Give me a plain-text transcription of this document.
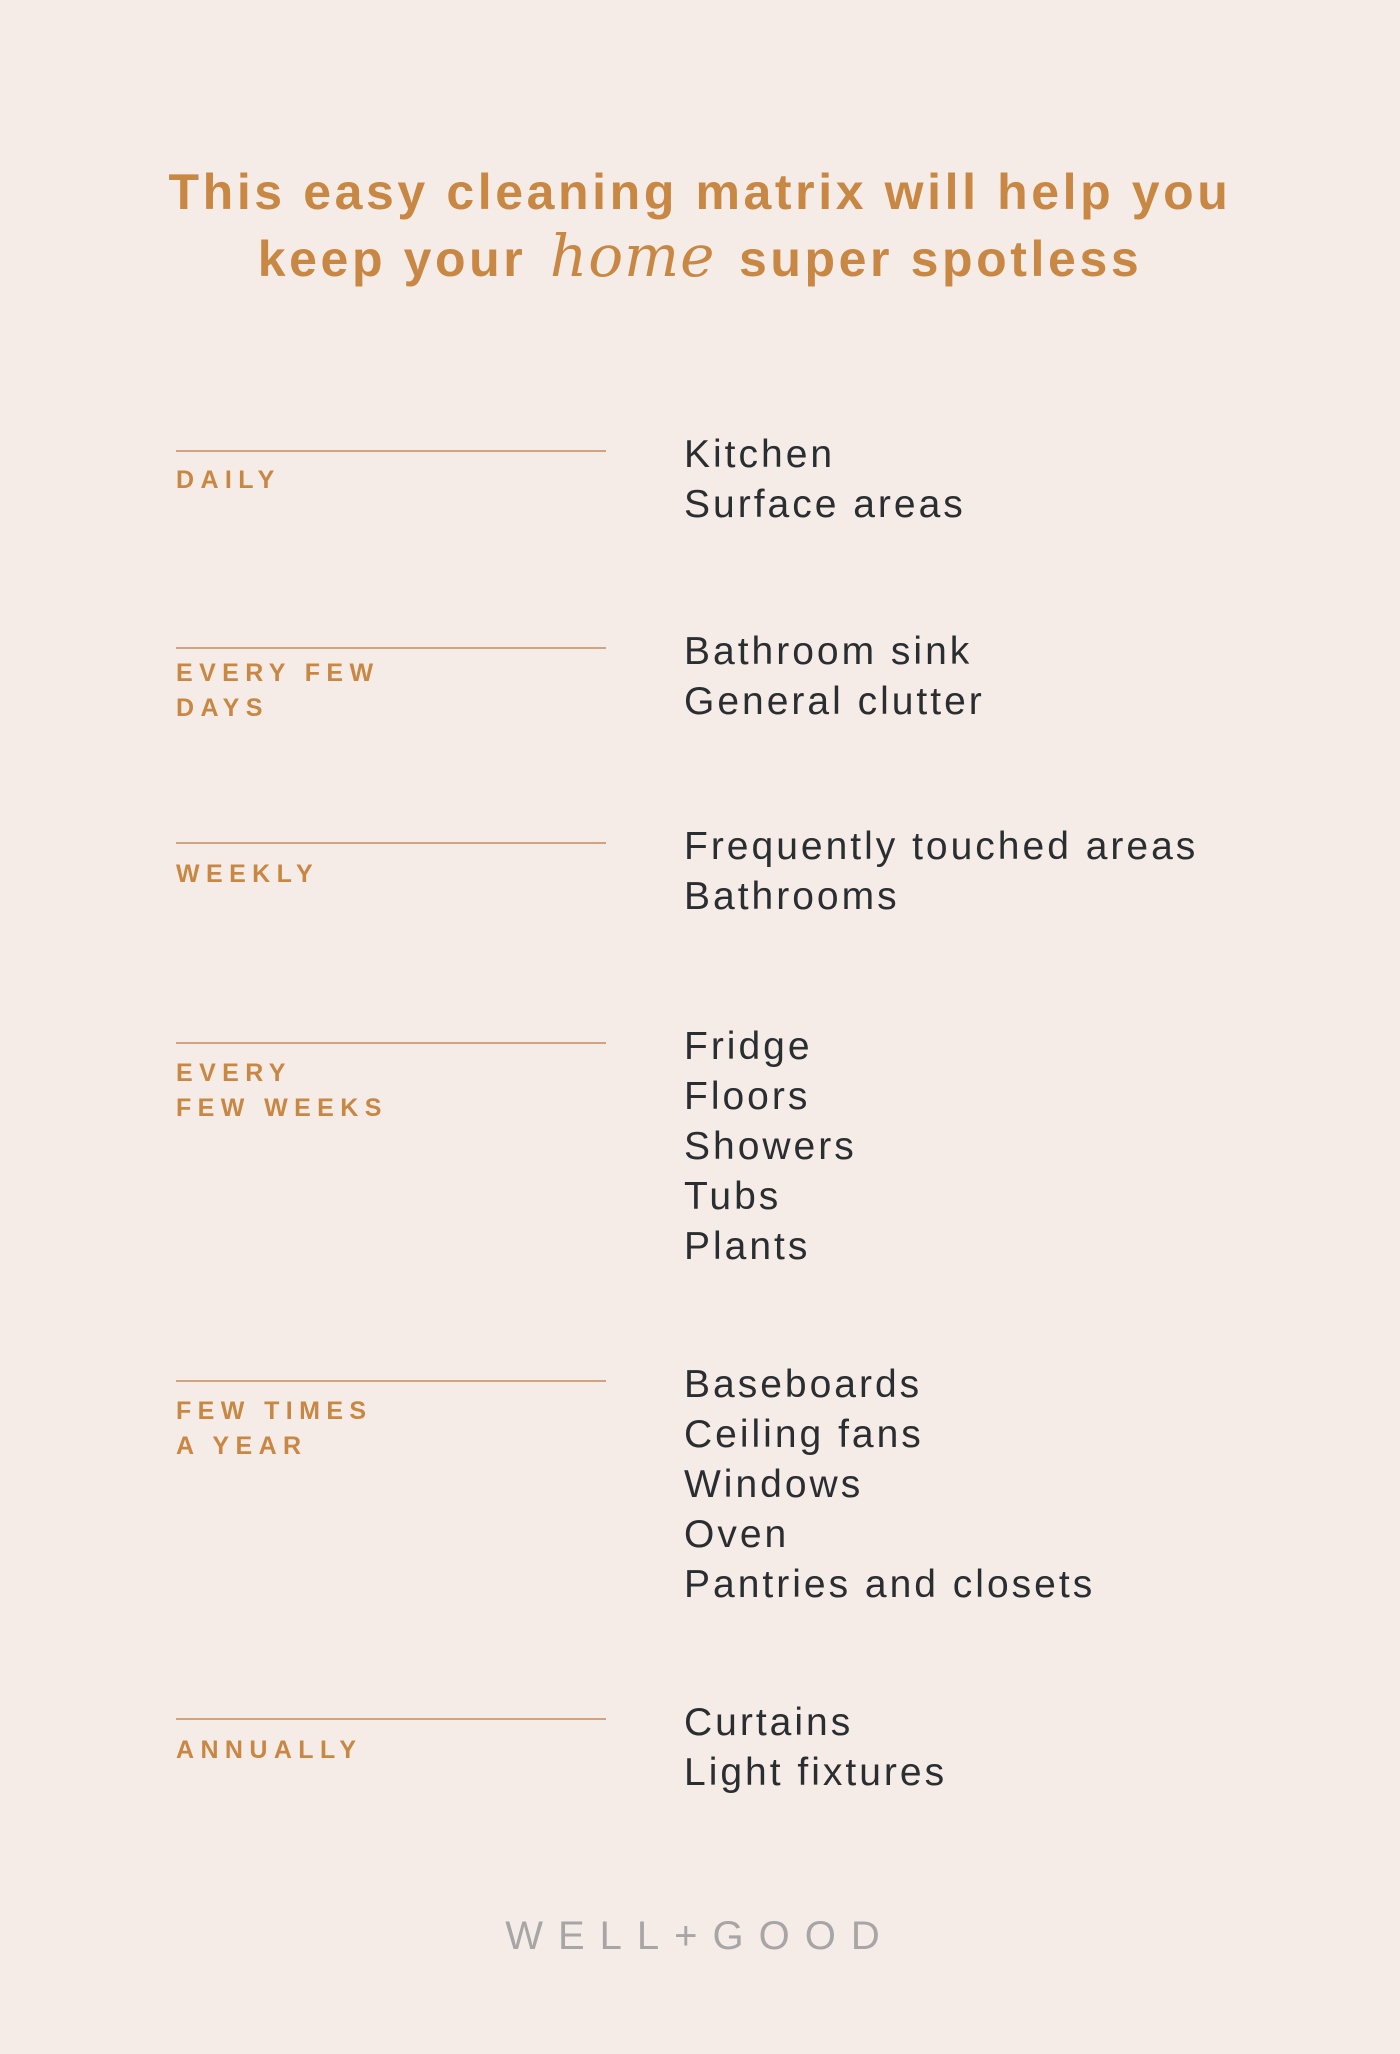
This easy cleaning matrix will help you
keep your home super spotless
DAILY
Kitchen
Surface areas
EVERY FEW
DAYS
Bathroom sink
General clutter
WEEKLY
Frequently touched areas
Bathrooms
EVERY
FEW WEEKS
Fridge
Floors
Showers
Tubs
Plants
FEW TIMES
A YEAR
Baseboards
Ceiling fans
Windows
Oven
Pantries and closets
ANNUALLY
Curtains
Light fixtures
WELL+GOOD
